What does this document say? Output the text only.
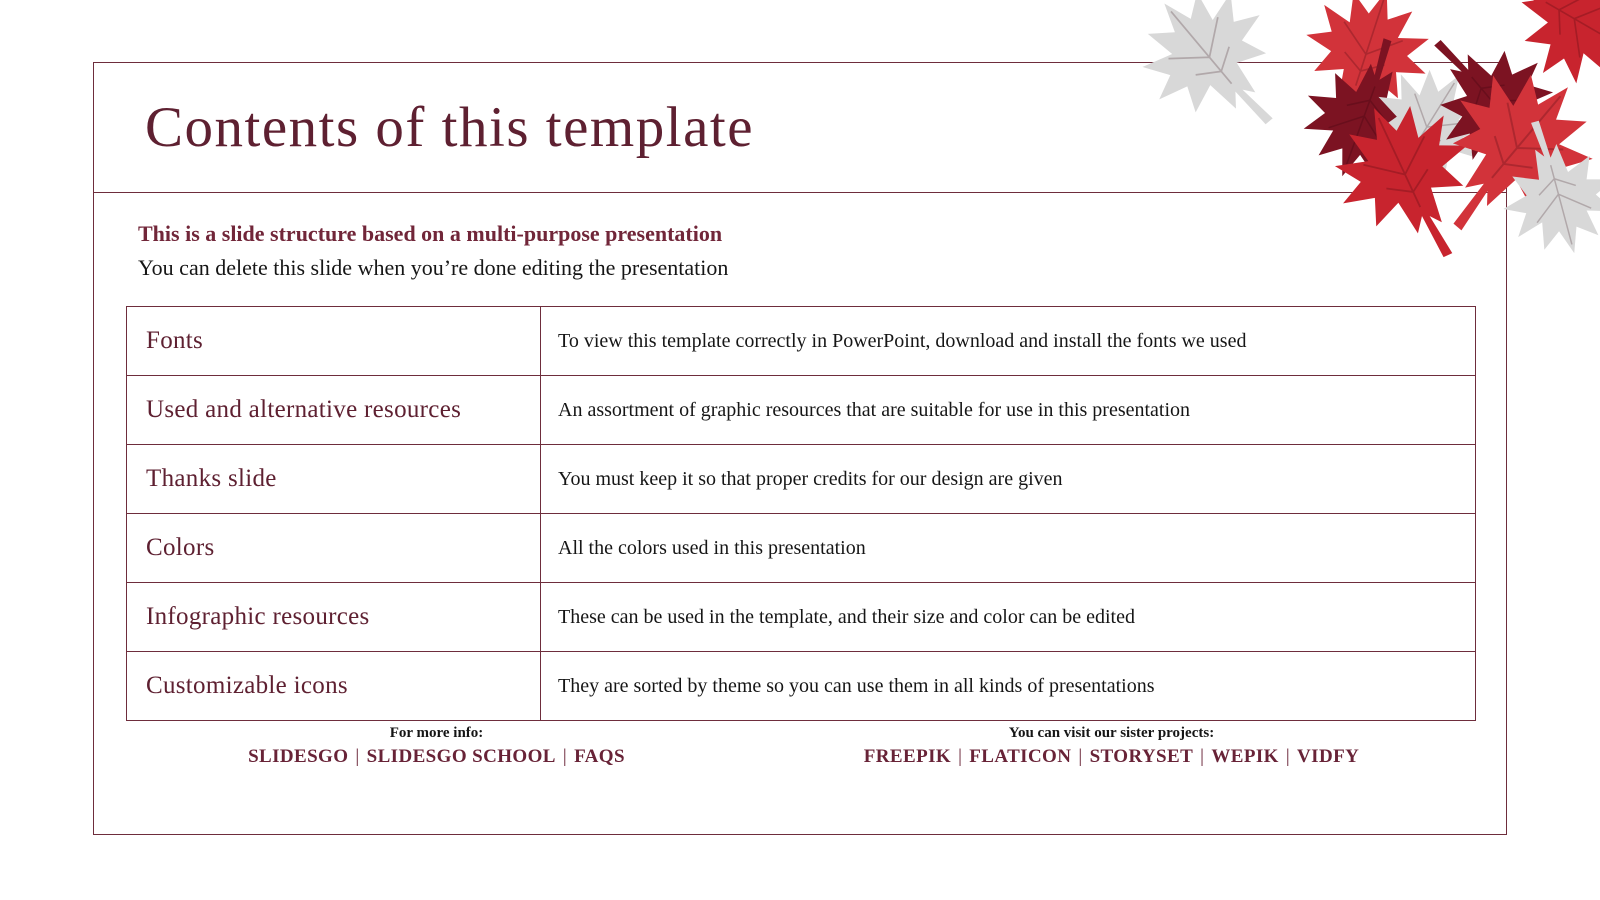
Contents of this template

This is a slide structure based on a multi-purpose presentation

You can delete this slide when you’re done editing the presentation

Fonts	To view this template correctly in PowerPoint, download and install the fonts we used
Used and alternative resources	An assortment of graphic resources that are suitable for use in this presentation
Thanks slide	You must keep it so that proper credits for our design are given
Colors	All the colors used in this presentation
Infographic resources	These can be used in the template, and their size and color can be edited
Customizable icons	They are sorted by theme so you can use them in all kinds of presentations
For more info:
SLIDESGO | SLIDESGO SCHOOL | FAQS
You can visit our sister projects:
FREEPIK | FLATICON | STORYSET | WEPIK | VIDFY
